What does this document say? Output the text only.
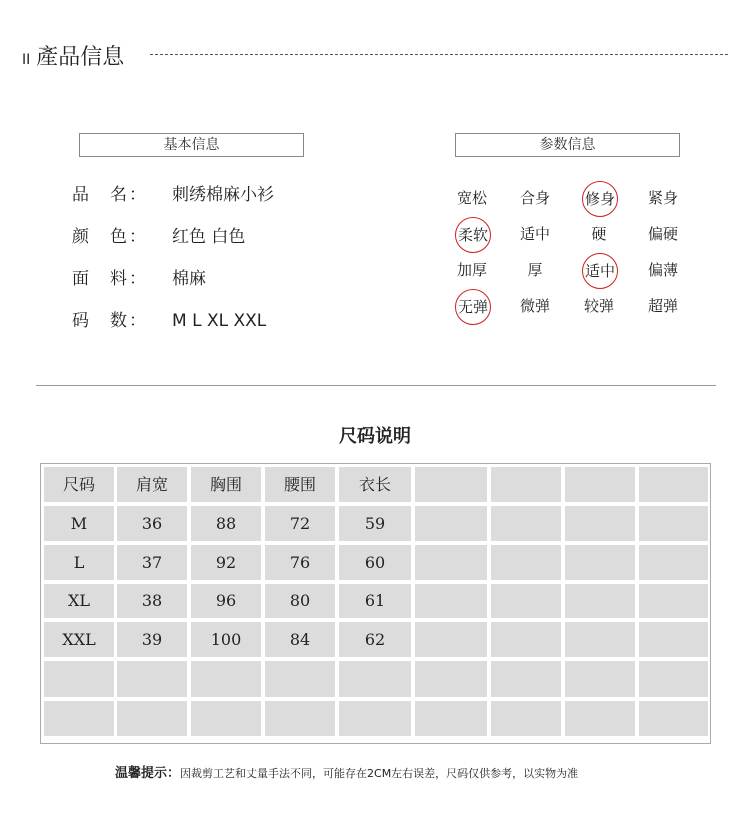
II 產品信息
基本信息	参数信息
品　名： 刺绣棉麻小衫
颜　色： 红色 白色
面　料： 棉麻
码　数： M L XL XXL
宽松	合身	修身	紧身
柔软	适中	硬	偏硬
加厚	厚	适中	偏薄
无弹	微弹	较弹	超弹
尺码说明
尺码	肩宽	胸围	腰围	衣长
M	36	88	72	59
L	37	92	76	60
XL	38	96	80	61
XXL	39	100	84	62
温馨提示：因裁剪工艺和丈量手法不同，可能存在2CM左右误差，尺码仅供参考，以实物为准
